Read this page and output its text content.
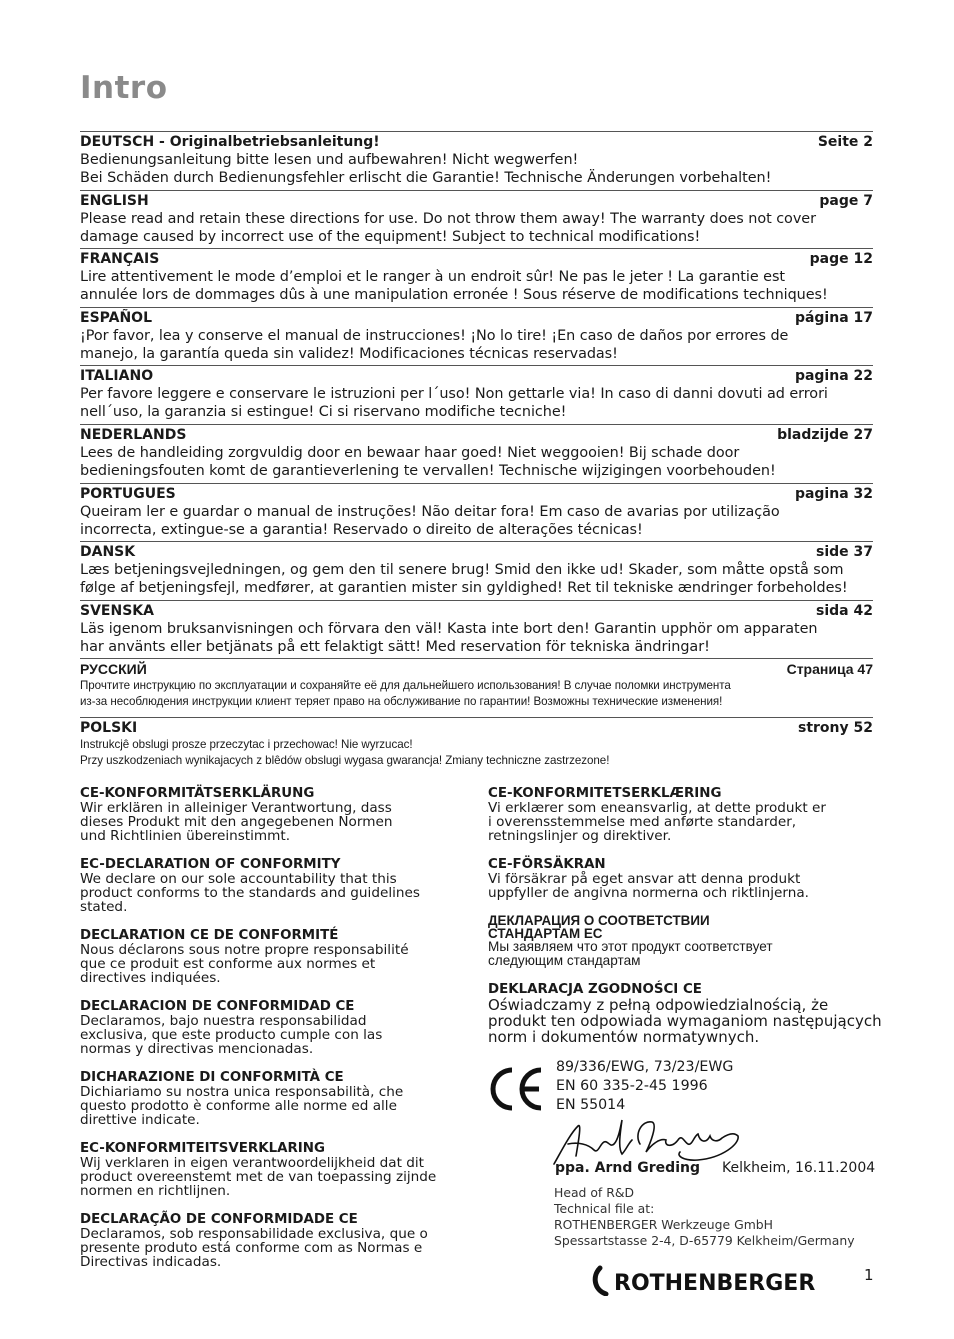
Intro
DEUTSCH - Originalbetriebsanleitung!	Seite 2
Bedienungsanleitung bitte lesen und aufbewahren! Nicht wegwerfen!
Bei Schäden durch Bedienungsfehler erlischt die Garantie! Technische Änderungen vorbehalten!
ENGLISH	page 7
Please read and retain these directions for use. Do not throw them away! The warranty does not cover
damage caused by incorrect use of the equipment! Subject to technical modifications!
FRANÇAIS	page 12
Lire attentivement le mode d’emploi et le ranger à un endroit sûr! Ne pas le jeter ! La garantie est
annulée lors de dommages dûs à une manipulation erronée ! Sous réserve de modifications techniques!
ESPAÑOL	página 17
¡Por favor, lea y conserve el manual de instrucciones! ¡No lo tire! ¡En caso de daños por errores de
manejo, la garantía queda sin validez! Modificaciones técnicas reservadas!
ITALIANO	pagina 22
Per favore leggere e conservare le istruzioni per l´uso! Non gettarle via! In caso di danni dovuti ad errori
nell´uso, la garanzia si estingue! Ci si riservano modifiche tecniche!
NEDERLANDS	bladzijde 27
Lees de handleiding zorgvuldig door en bewaar haar goed! Niet weggooien! Bij schade door
bedieningsfouten komt de garantieverlening te vervallen! Technische wijzigingen voorbehouden!
PORTUGUES	pagina 32
Queiram ler e guardar o manual de instruções! Não deitar fora! Em caso de avarias por utilização
incorrecta, extingue-se a garantia! Reservado o direito de alterações técnicas!
DANSK	side 37
Læs betjeningsvejledningen, og gem den til senere brug! Smid den ikke ud! Skader, som måtte opstå som
følge af betjeningsfejl, medfører, at garantien mister sin gyldighed! Ret til tekniske ændringer forbeholdes!
SVENSKA	sida 42
Läs igenom bruksanvisningen och förvara den väl! Kasta inte bort den! Garantin upphör om apparaten
har använts eller betjänats på ett felaktigt sätt! Med reservation för tekniska ändringar!
РУССКИЙ	Страница 47
Прочтите инструкцию по эксплуатации и сохраняйте её для дальнейшего использования! В случае поломки инструмента
из-за несоблюдения инструкции клиент теряет право на обслуживание по гарантии! Возможны технические изменения!
POLSKI	strony 52
Instrukcjê obslugi prosze przeczytac i przechowac! Nie wyrzucac!
Przy uszkodzeniach wynikajacych z blêdów obslugi wygasa gwarancja! Zmiany techniczne zastrzezone!
CE-KONFORMITÄTSERKLÄRUNG
Wir erklären in alleiniger Verantwortung, dass
dieses Produkt mit den angegebenen Normen
und Richtlinien übereinstimmt.
EC-DECLARATION OF CONFORMITY
We declare on our sole accountability that this
product conforms to the standards and guidelines
stated.
DECLARATION CE DE CONFORMITÉ
Nous déclarons sous notre propre responsabilité
que ce produit est conforme aux normes et
directives indiquées.
DECLARACION DE CONFORMIDAD CE
Declaramos, bajo nuestra responsabilidad
exclusiva, que este producto cumple con las
normas y directivas mencionadas.
DICHARAZIONE DI CONFORMITÀ CE
Dichiariamo su nostra unica responsabilità, che
questo prodotto è conforme alle norme ed alle
direttive indicate.
EC-KONFORMITEITSVERKLARING
Wij verklaren in eigen verantwoordelijkheid dat dit
product overeenstemt met de van toepassing zijnde
normen en richtlijnen.
DECLARAÇÃO DE CONFORMIDADE CE
Declaramos, sob responsabilidade exclusiva, que o
presente produto está conforme com as Normas e
Directivas indicadas.
CE-KONFORMITETSERKLÆRING
Vi erklærer som eneansvarlig, at dette produkt er
i overensstemmelse med anførte standarder,
retningslinjer og direktiver.
CE-FÖRSÄKRAN
Vi försäkrar på eget ansvar att denna produkt
uppfyller de angivna normerna och riktlinjerna.
ДЕКЛАРАЦИЯ О СООТВЕТСТВИИ
СТАНДАРТАМ ЕС
Мы заявляем что этот продукт соответствует
следующим стандартам
DEKLARACJA ZGODNOŚCI CE
Oświadczamy z pełną odpowiedzialnością, że
produkt ten odpowiada wymaganiom następujących
norm i dokumentów normatywnych.
89/336/EWG, 73/23/EWG
EN 60 335-2-45 1996
EN 55014
ppa. Arnd Greding Kelkheim, 16.11.2004
Head of R&D
Technical file at:
ROTHENBERGER Werkzeuge GmbH
Spessartstasse 2-4, D-65779 Kelkheim/Germany
ROTHENBERGER	1
